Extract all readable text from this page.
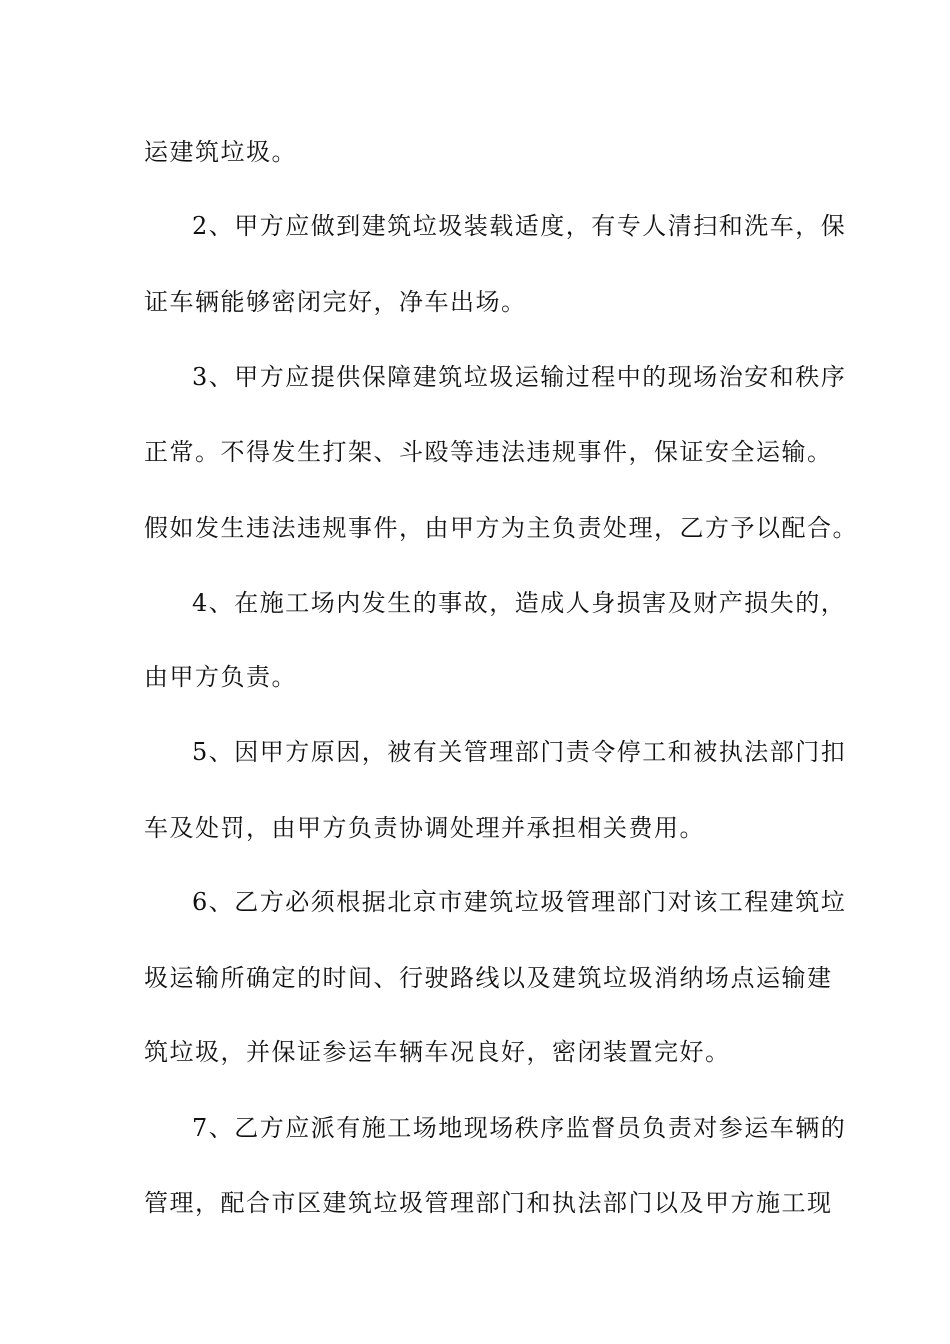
运建筑垃圾。
2、甲方应做到建筑垃圾装载适度，有专人清扫和洗车，保
证车辆能够密闭完好，净车出场。
3、甲方应提供保障建筑垃圾运输过程中的现场治安和秩序
正常。不得发生打架、斗殴等违法违规事件，保证安全运输。
假如发生违法违规事件，由甲方为主负责处理，乙方予以配合。
4、在施工场内发生的事故，造成人身损害及财产损失的，
由甲方负责。
5、因甲方原因，被有关管理部门责令停工和被执法部门扣
车及处罚，由甲方负责协调处理并承担相关费用。
6、乙方必须根据北京市建筑垃圾管理部门对该工程建筑垃
圾运输所确定的时间、行驶路线以及建筑垃圾消纳场点运输建
筑垃圾，并保证参运车辆车况良好，密闭装置完好。
7、乙方应派有施工场地现场秩序监督员负责对参运车辆的
管理，配合市区建筑垃圾管理部门和执法部门以及甲方施工现
